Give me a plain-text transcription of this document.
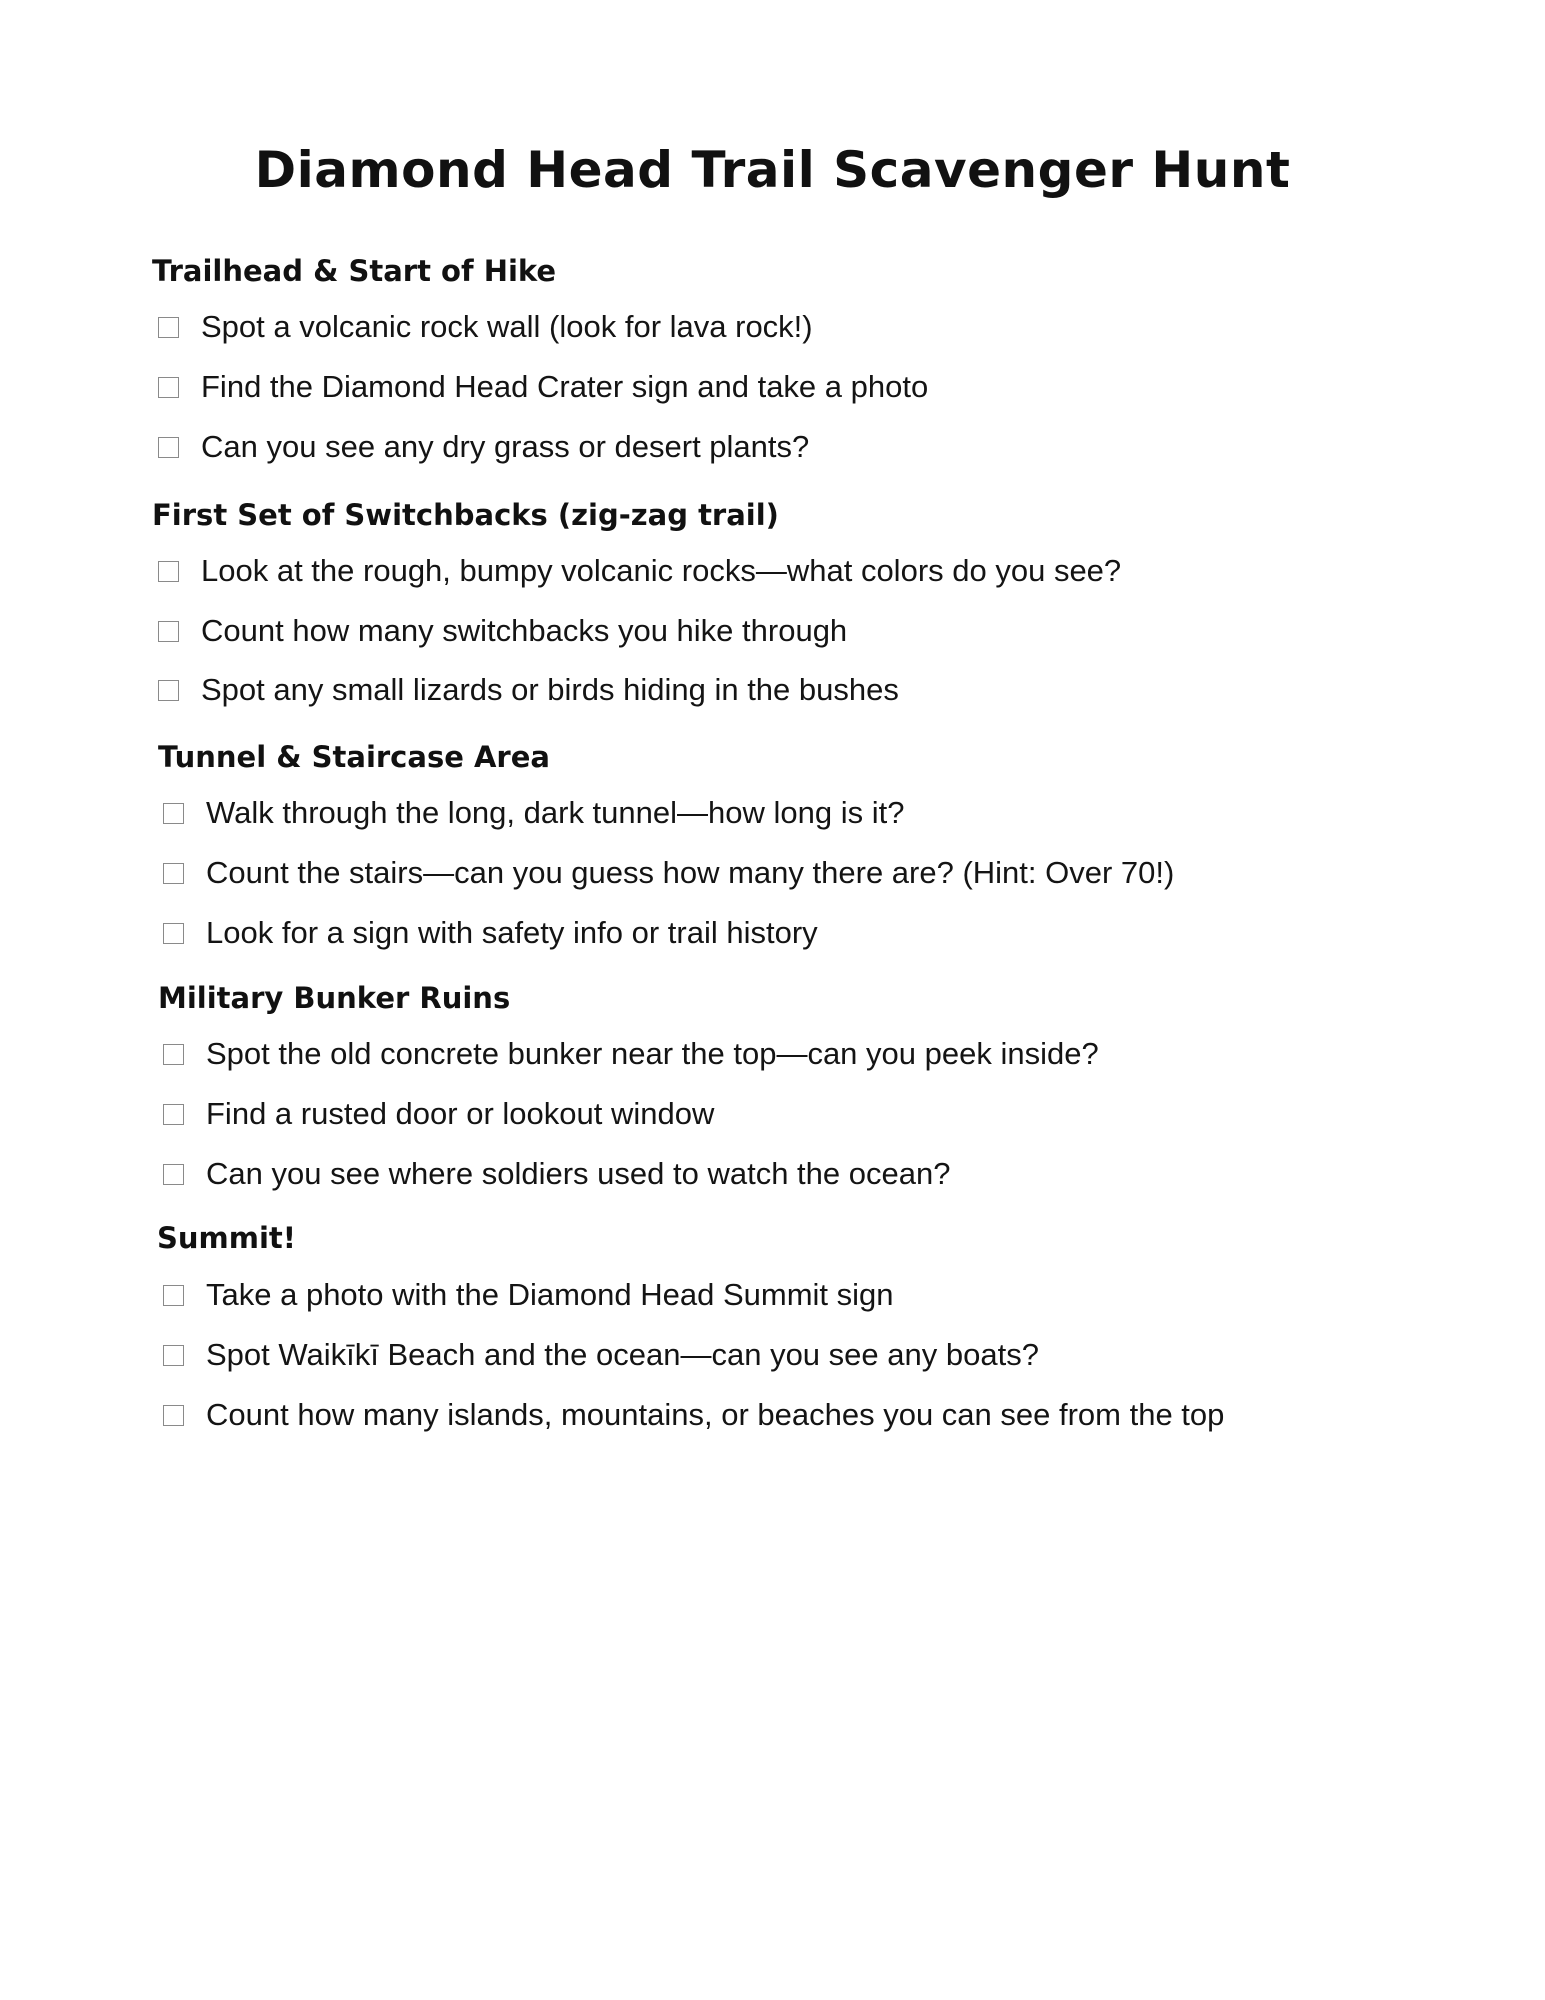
Diamond Head Trail Scavenger Hunt
Trailhead & Start of Hike
Spot a volcanic rock wall (look for lava rock!)
Find the Diamond Head Crater sign and take a photo
Can you see any dry grass or desert plants?
First Set of Switchbacks (zig-zag trail)
Look at the rough, bumpy volcanic rocks—what colors do you see?
Count how many switchbacks you hike through
Spot any small lizards or birds hiding in the bushes
Tunnel & Staircase Area
Walk through the long, dark tunnel—how long is it?
Count the stairs—can you guess how many there are? (Hint: Over 70!)
Look for a sign with safety info or trail history
Military Bunker Ruins
Spot the old concrete bunker near the top—can you peek inside?
Find a rusted door or lookout window
Can you see where soldiers used to watch the ocean?
Summit!
Take a photo with the Diamond Head Summit sign
Spot Waikīkī Beach and the ocean—can you see any boats?
Count how many islands, mountains, or beaches you can see from the top
